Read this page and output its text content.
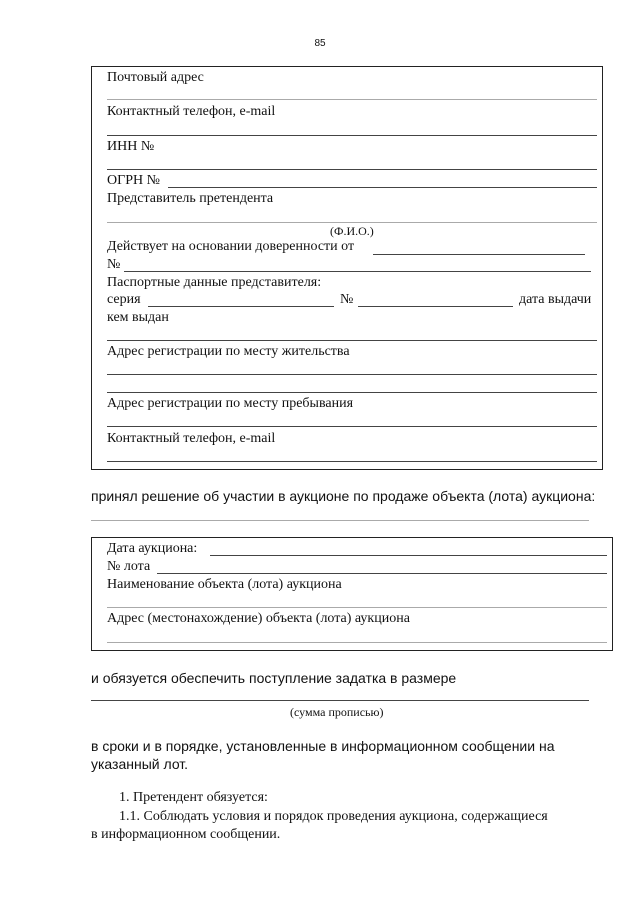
85
Почтовый адрес
Контактный телефон, e-mail
ИНН №
ОГРН №
Представитель претендента
(Ф.И.О.)
Действует на основании доверенности от
№
Паспортные данные представителя:
серия	№	дата выдачи
кем выдан
Адрес регистрации по месту жительства
Адрес регистрации по месту пребывания
Контактный телефон, e-mail
принял решение об участии в аукционе по продаже объекта (лота) аукциона:
Дата аукциона:
№ лота
Наименование объекта (лота) аукциона
Адрес (местонахождение) объекта (лота) аукциона
и обязуется обеспечить поступление задатка в размере
(сумма прописью)
в сроки и в порядке, установленные в информационном сообщении на
указанный лот.
1. Претендент обязуется:
1.1. Соблюдать условия и порядок проведения аукциона, содержащиеся
в информационном сообщении.
